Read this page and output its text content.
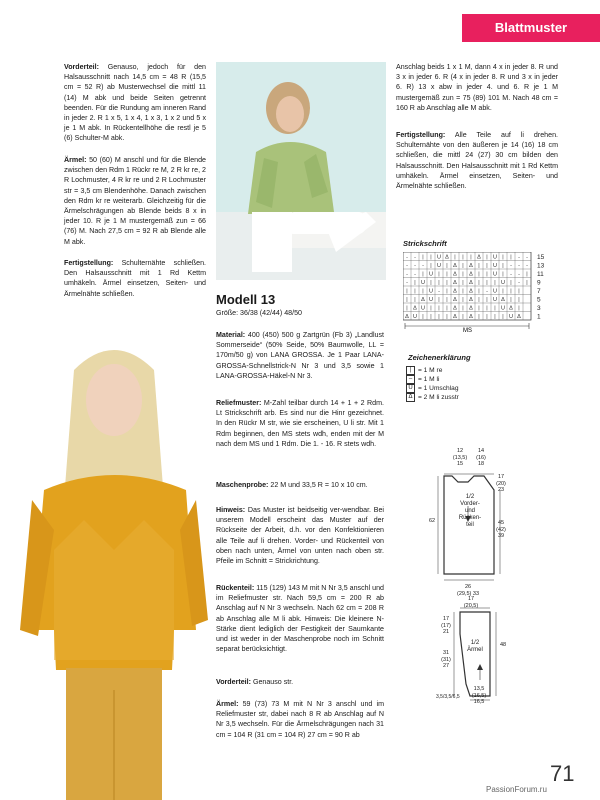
Blattmuster
Vorderteil: Genauso, jedoch für den Halsausschnitt nach 14,5 cm = 48 R (15,5 cm = 52 R) ab Musterwechsel die mittl 11 (14) M abk und beide Seiten getrennt beenden. Für die Rundung am inneren Rand in jeder 2. R 1 x 5, 1 x 4, 1 x 3, 1 x 2 und 5 x je 1 M abk. In Rückentellhöhe die restl je 5 (6) Schulter-M abk.
Ärmel: 50 (60) M anschl und für die Blende zwischen den Rdm 1 Rückr re M, 2 R kr re, 2 R Lochmuster, 4 R kr re und 2 R Lochmuster str = 3,5 cm Blendenhöhe. Danach zwischen den Rdm kr re weiterarb. Gleichzeitig für die Ärmelschrägungen ab Blende beids 8 x in jeder 10. R je 1 M mustergemäß zun = 66 (76) M. Nach 27,5 cm = 92 R ab Blende alle M abk.
Fertigstellung: Schulternähte schließen. Den Halsausschnitt mit 1 Rd Kettm umhäkeln. Ärmel einsetzen, Seiten- und Ärmelnähte schließen.	Modell 13
Größe: 36/38 (42/44) 48/50
Material: 400 (450) 500 g Zartgrün (Fb 3) „Landlust Sommerseide“ (50% Seide, 50% Baumwolle, LL = 170m/50 g) von LANA GROSSA. Je 1 Paar LANA-GROSSA-Schnellstrick-N Nr 3 und 3,5 sowie 1 LANA-GROSSA-Häkel-N Nr 3.
Reliefmuster: M-Zahl teilbar durch 14 + 1 + 2 Rdm. Lt Strickschrift arb. Es sind nur die Hinr gezeichnet. In den Rückr M str, wie sie erscheinen, U li str. Mit 1 Rdm beginnen, den MS stets wdh, enden mit der M nach dem MS und 1 Rdm. Die 1. - 16. R stets wdh.
Maschenprobe: 22 M und 33,5 R = 10 x 10 cm.
Hinweis: Das Muster ist beidseitig ver-wendbar. Bei unserem Modell erscheint das Muster auf der Rückseite der Arbeit, d.h. vor den Konfektionieren alle Teile auf li drehen. Vorder- und Rückenteil von oben nach unten, Ärmel von unten nach oben str. Pfeile im Schnitt = Strickrichtung.
Rückenteil: 115 (129) 143 M mit N Nr 3,5 anschl und im Reliefmuster str. Nach 59,5 cm = 200 R ab Anschlag auf N Nr 3 wechseln. Nach 62 cm = 208 R ab Anschlag alle M li abk. Hinweis: Die kleinere N-Stärke dient lediglich der Festigkeit der Saumkante und ist weder in der Maschenprobe noch im Schnitt separat berücksichtigt.
Vorderteil: Genauso str.
Ärmel: 59 (73) 73 M mit N Nr 3 anschl und im Reliefmuster str, dabei nach 8 R ab Anschlag auf N Nr 3,5 wechseln. Für die Ärmelschrägungen nach 31 cm = 104 R (31 cm = 104 R) 27 cm = 90 R ab
Anschlag beids 1 x 1 M, dann 4 x in jeder 8. R und 3 x in jeder 6. R (4 x in jeder 8. R und 3 x in jeder 6. R) 13 x abw in jeder 4. und 6. R je 1 M mustergemäß zun = 75 (89) 101 M. Nach 48 cm = 160 R ab Anschlag alle M abk.
Fertigstellung: Alle Teile auf li drehen. Schulternähte von den äußeren je 14 (16) 18 cm schließen, die mittl 24 (27) 30 cm bilden den Halsausschnitt. Den Halsausschnitt mit 1 Rd Kettm umhäkeln. Ärmel einsetzen, Seiten- und Ärmelnähte schließen.
Strickschrift
- - | | U Δ | | | Δ | U | | - -
- - - | U | Δ | Δ | | U | - - -
- - | U | | Δ | Δ | | U | - - |
- | U | | | Δ | Δ | | | U | - |
| | | U - | Δ | Δ | - U | | |
| | Δ U | | Δ | Δ | | U Δ | |
| Δ U | | | Δ | Δ | | | U Δ |
Δ U | | | | Δ | Δ | | | | U Δ
15
13
11
9
7
5
3
1
MS
Zeichenerklärung
|	= 1 M re
– = 1 M li
U = 1 Umschlag
Δ = 2 M li zusstr
12
(13,5)
15
14
(16)
18
17
(20)
23
45
(42)
39
62
1/2
Vorder-
und
Rücken-
teil
26
(29,5) 33
17
(20,5)
17
(17)
21
31
(31)
27
48
1/2
Ärmel
3,5/3,5/6,5
13,5
(16,5)
16,5
71
PassionForum.ru
